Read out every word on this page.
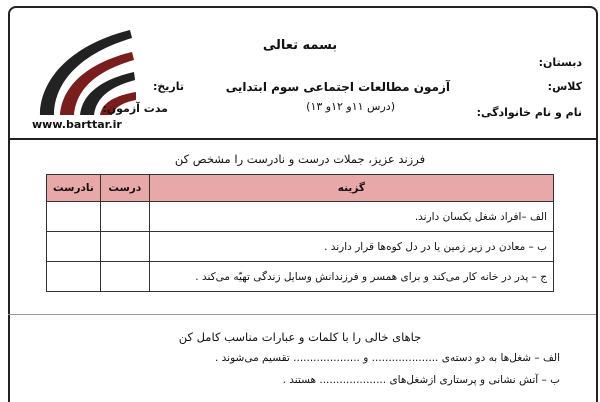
www.barttar.ir
بسمه تعالی
آزمون مطالعات اجتماعی سوم ابتدایی
(درس ۱۱و ۱۲و ۱۳)
دبستان:
کلاس:
نام و نام خانوادگی:
تاریخ:
مدت آزمون:
فرزند عزیز، جملات درست و نادرست را مشخص کن
گزینه	درست	نادرست
الف –افراد شغل یکسان دارند.		
ب – معادن در زیر زمین یا در دل کوه‌ها قرار دارند .		
ج – پدر در خانه کار می‌کند و برای همسر و فرزندانش وسایل زندگی تهیّه می‌کند .		
جاهای خالی را با کلمات و عبارات مناسب کامل کن
الف – شغل‌ها به دو دسته‌ی .................... و .................... تقسیم می‌شوند .
ب – آتش نشانی و پرستاری ازشغل‌های .................... هستند .
